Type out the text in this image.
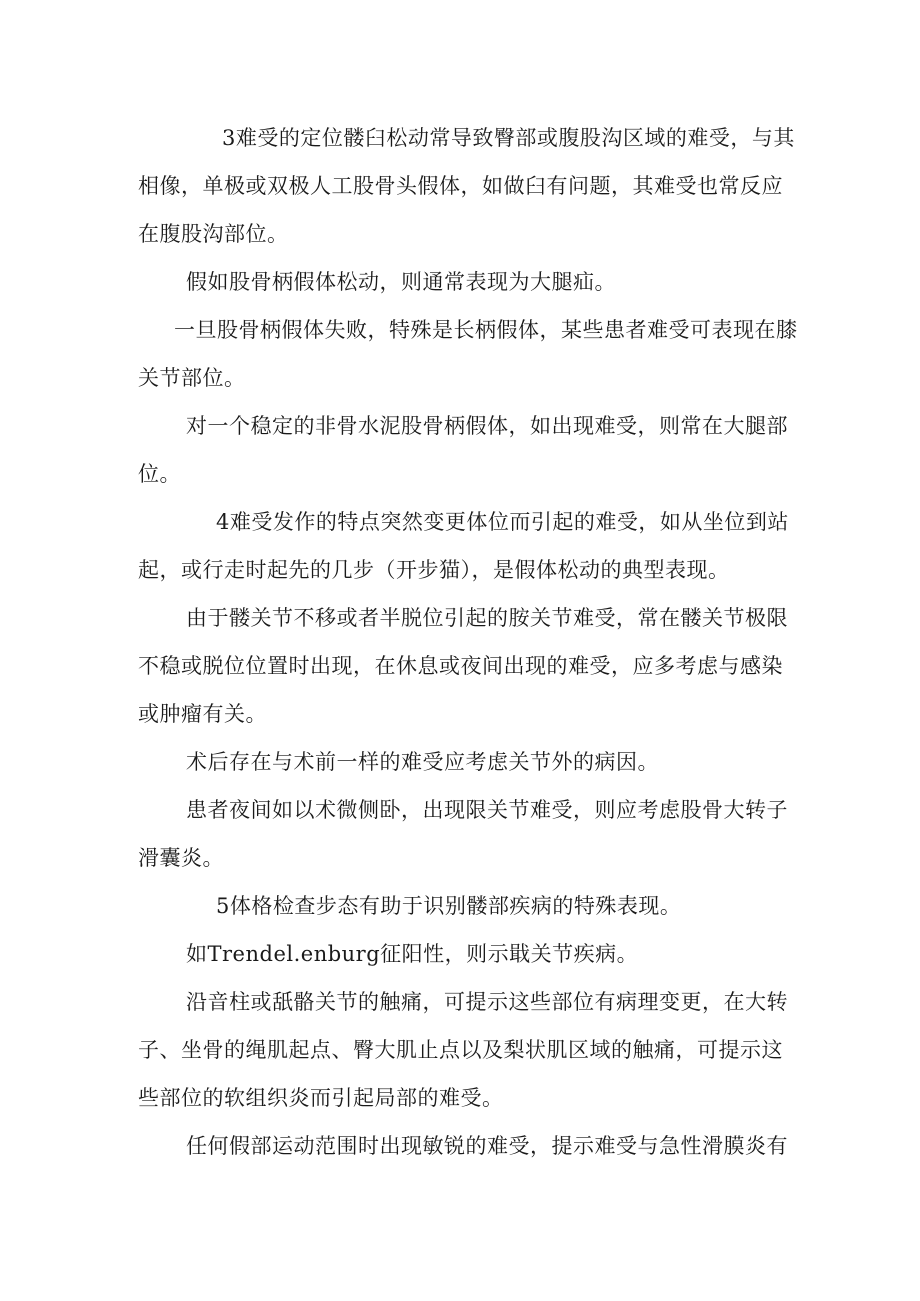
3难受的定位髅臼松动常导致臀部或腹股沟区域的难受，与其相像，单极或双极人工股骨头假体，如做臼有问题，其难受也常反应在腹股沟部位。

假如股骨柄假体松动，则通常表现为大腿疝。

一旦股骨柄假体失败，特殊是长柄假体，某些患者难受可表现在膝关节部位。

对一个稳定的非骨水泥股骨柄假体，如出现难受，则常在大腿部位。

4难受发作的特点突然变更体位而引起的难受，如从坐位到站起，或行走时起先的几步（开步猫），是假体松动的典型表现。

由于髅关节不移或者半脱位引起的胺关节难受，常在髅关节极限不稳或脱位位置时出现，在休息或夜间出现的难受，应多考虑与感染或肿瘤有关。

术后存在与术前一样的难受应考虑关节外的病因。

患者夜间如以术微侧卧，出现限关节难受，则应考虑股骨大转子滑囊炎。

5体格检查步态有助于识别髅部疾病的特殊表现。

如Trendel.enburg征阳性，则示戢关节疾病。

沿音柱或舐骼关节的触痛，可提示这些部位有病理变更，在大转子、坐骨的绳肌起点、臀大肌止点以及梨状肌区域的触痛，可提示这些部位的软组织炎而引起局部的难受。

任何假部运动范围时出现敏锐的难受，提示难受与急性滑膜炎有
